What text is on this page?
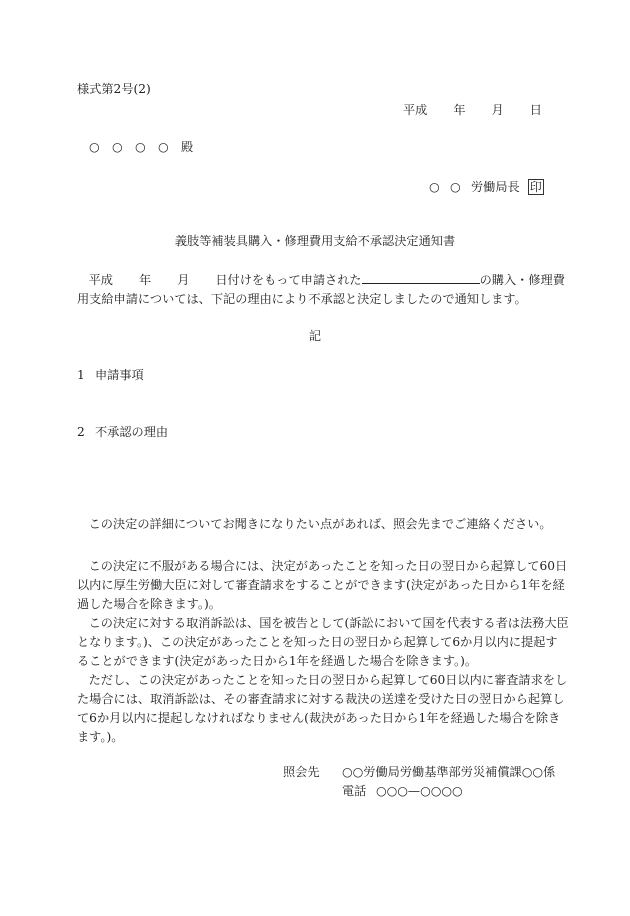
様式第2号(2)
平成 年 月 日
○ ○ ○ ○ 殿
○ ○ 労働局長 印
義肢等補装具購入・修理費用支給不承認決定通知書
平成 年 月 日付けをもって申請された	の購入・修理費
用支給申請については、下記の理由により不承認と決定しましたので通知します。
記
1 申請事項
2 不承認の理由
この決定の詳細についてお聞きになりたい点があれば、照会先までご連絡ください。
この決定に不服がある場合には、決定があったことを知った日の翌日から起算して60日
以内に厚生労働大臣に対して審査請求をすることができます(決定があった日から1年を経
過した場合を除きます。)。
この決定に対する取消訴訟は、国を被告として(訴訟において国を代表する者は法務大臣
となります。)、この決定があったことを知った日の翌日から起算して6か月以内に提起す
ることができます(決定があった日から1年を経過した場合を除きます。)。
ただし、この決定があったことを知った日の翌日から起算して60日以内に審査請求をし
た場合には、取消訴訟は、その審査請求に対する裁決の送達を受けた日の翌日から起算し
て6か月以内に提起しなければなりません(裁決があった日から1年を経過した場合を除き
ます。)。
照会先 ○○労働局労働基準部労災補償課○○係
電話 ○○○—○○○○
